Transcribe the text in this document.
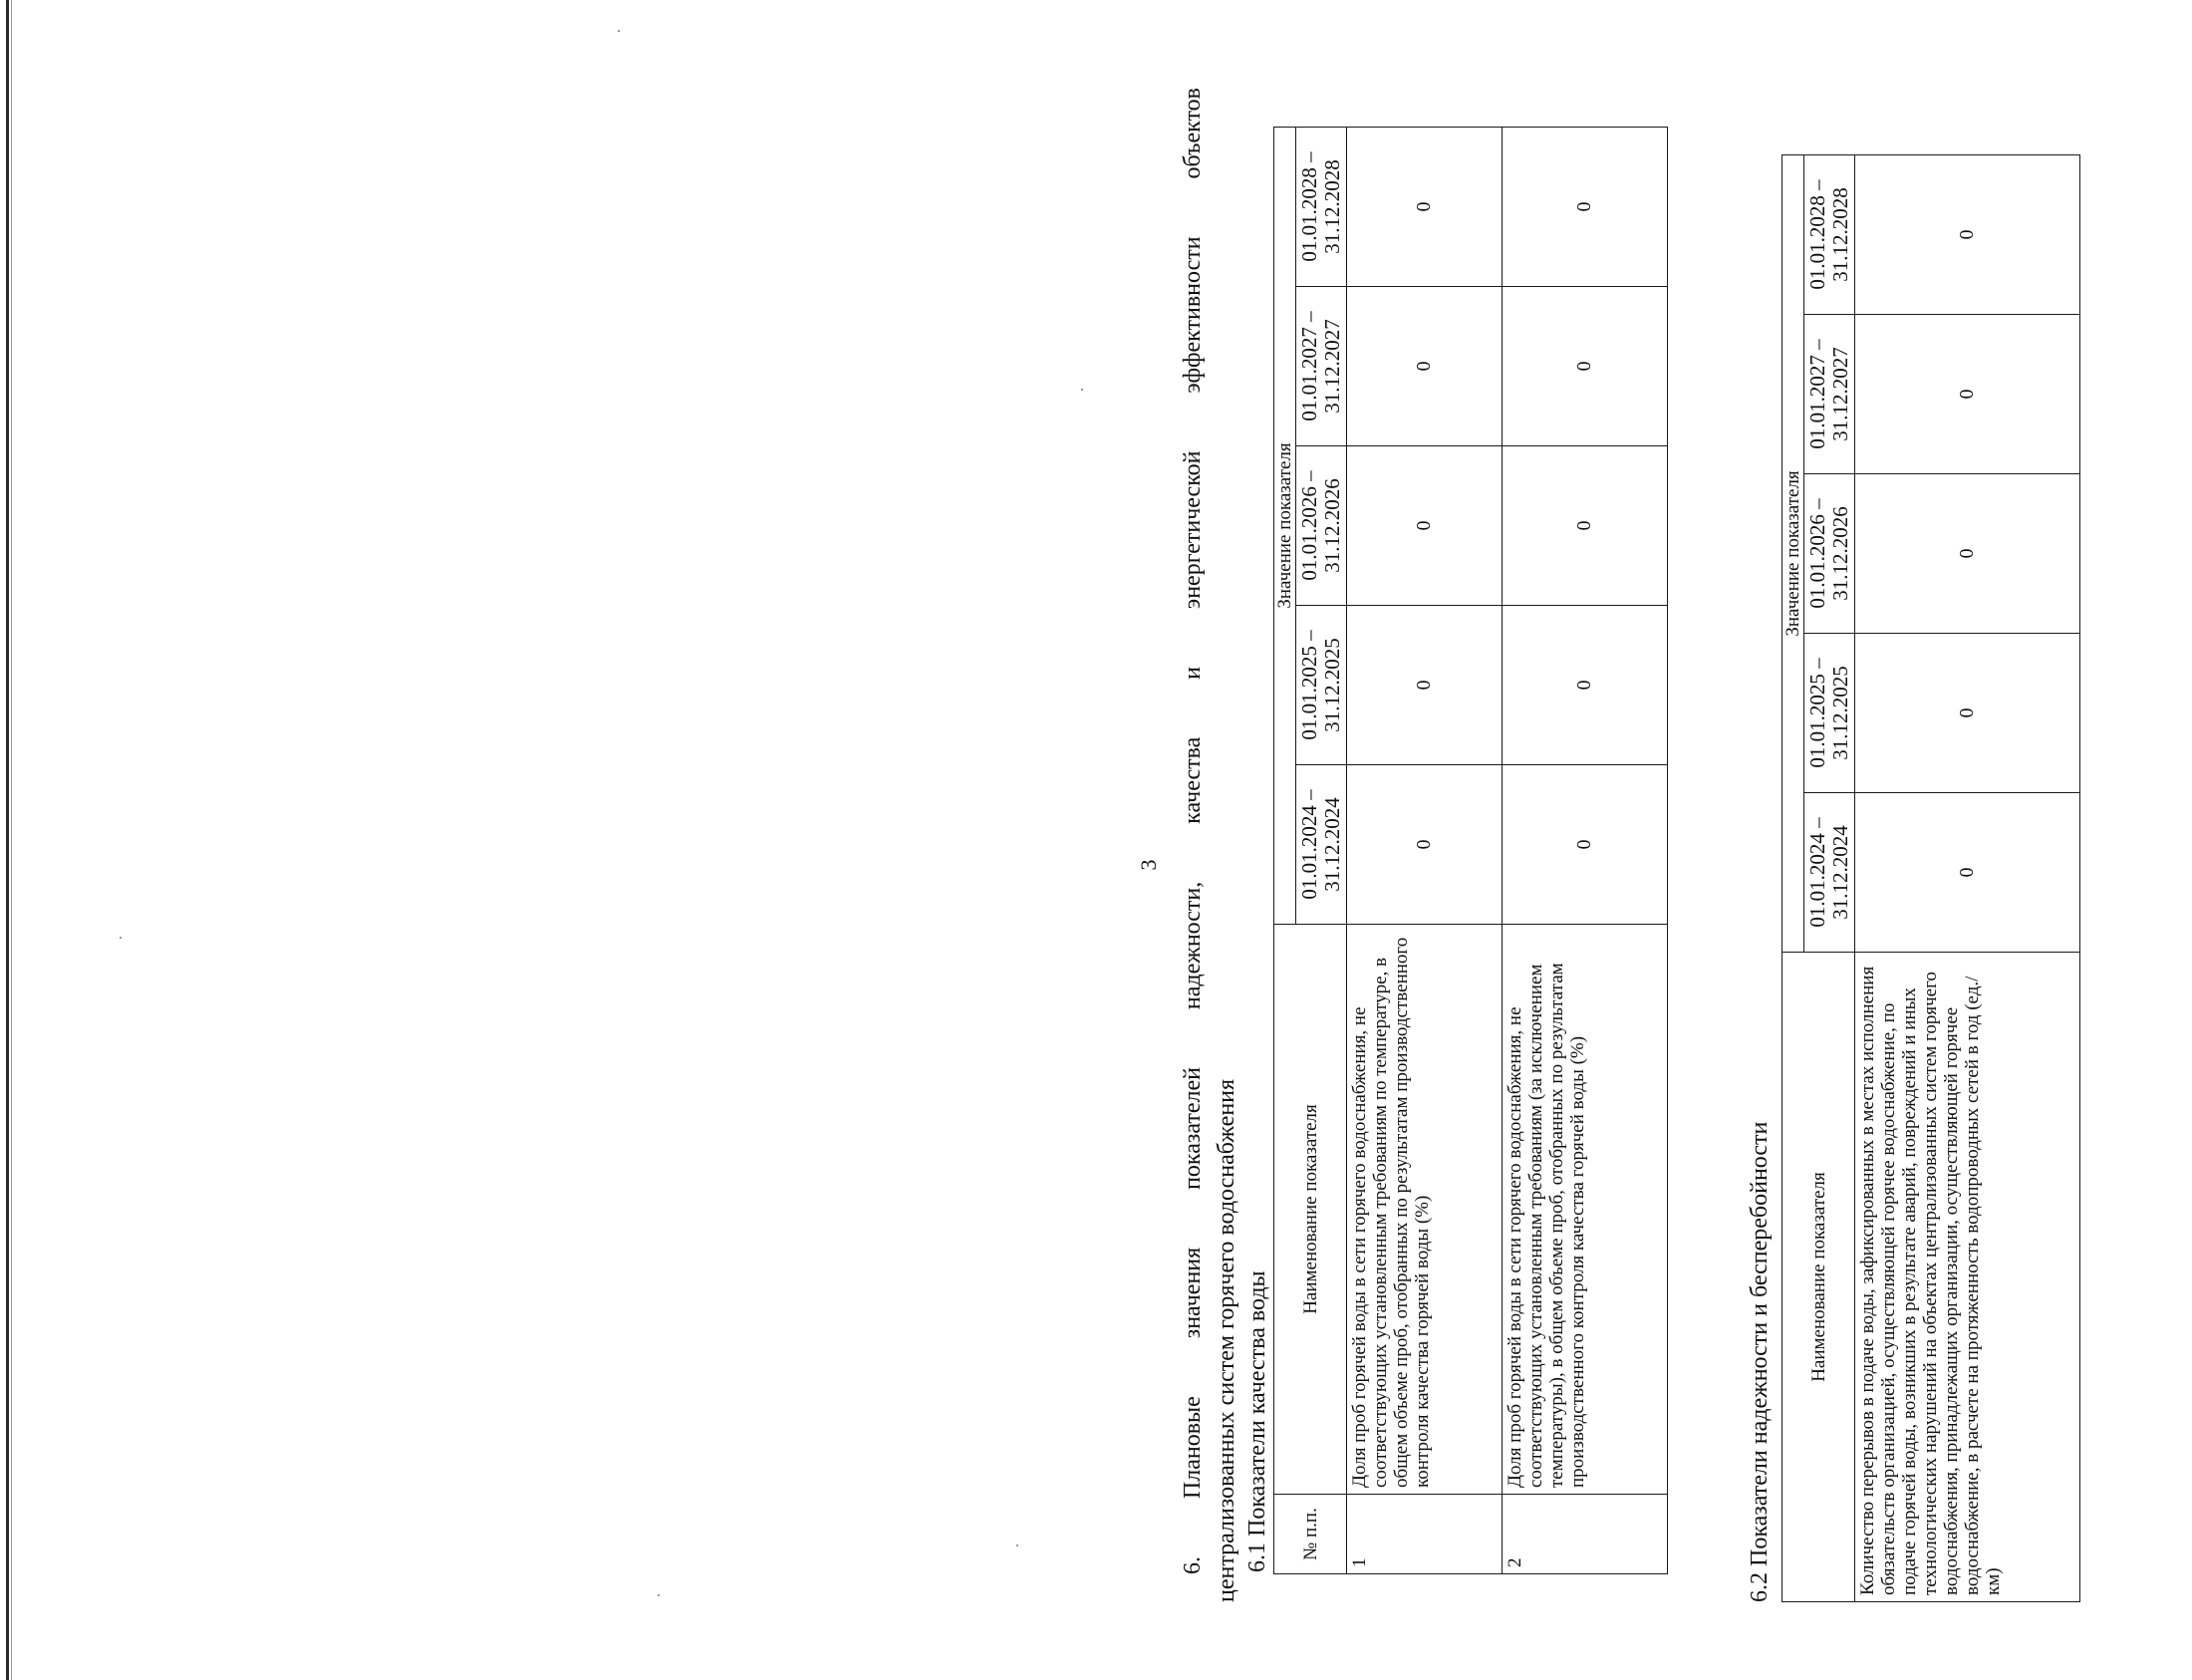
3 6. Плановые значения показателей надежности, качества и энергетической эффективности объектов централизованных систем горячего водоснабжения 6.1 Показатели качества воды № п.п.	Наименование показателя	Значение показателя				
		01.01.2024 – 31.12.2024	01.01.2025 – 31.12.2025	01.01.2026 – 31.12.2026	01.01.2027 – 31.12.2027	01.01.2028 – 31.12.2028
1	Доля проб горячей воды в сети горячего водоснабжения, не соответствующих установленным требованиям по температуре, в общем объеме проб, отобранных по результатам производственного контроля качества горячей воды (%)	0	0	0	0	0
2	Доля проб горячей воды в сети горячего водоснабжения, не соответствующих установленным требованиям (за исключением температуры), в общем объеме проб, отобранных по результатам производственного контроля качества горячей воды (%)	0	0	0	0	0
6.2 Показатели надежности и бесперебойности Наименование показателя	Значение показателя				
	01.01.2024 – 31.12.2024	01.01.2025 – 31.12.2025	01.01.2026 – 31.12.2026	01.01.2027 – 31.12.2027	01.01.2028 – 31.12.2028
Количество перерывов в подаче воды, зафиксированных в местах исполнения обязательств организацией, осуществляющей горячее водоснабжение, по подаче горячей воды, возникших в результате аварий, повреждений и иных технологических нарушений на объектах централизованных систем горячего водоснабжения, принадлежащих организации, осуществляющей горячее водоснабжение, в расчете на протяженность водопроводных сетей в год (ед./км)	0	0	0	0	0
